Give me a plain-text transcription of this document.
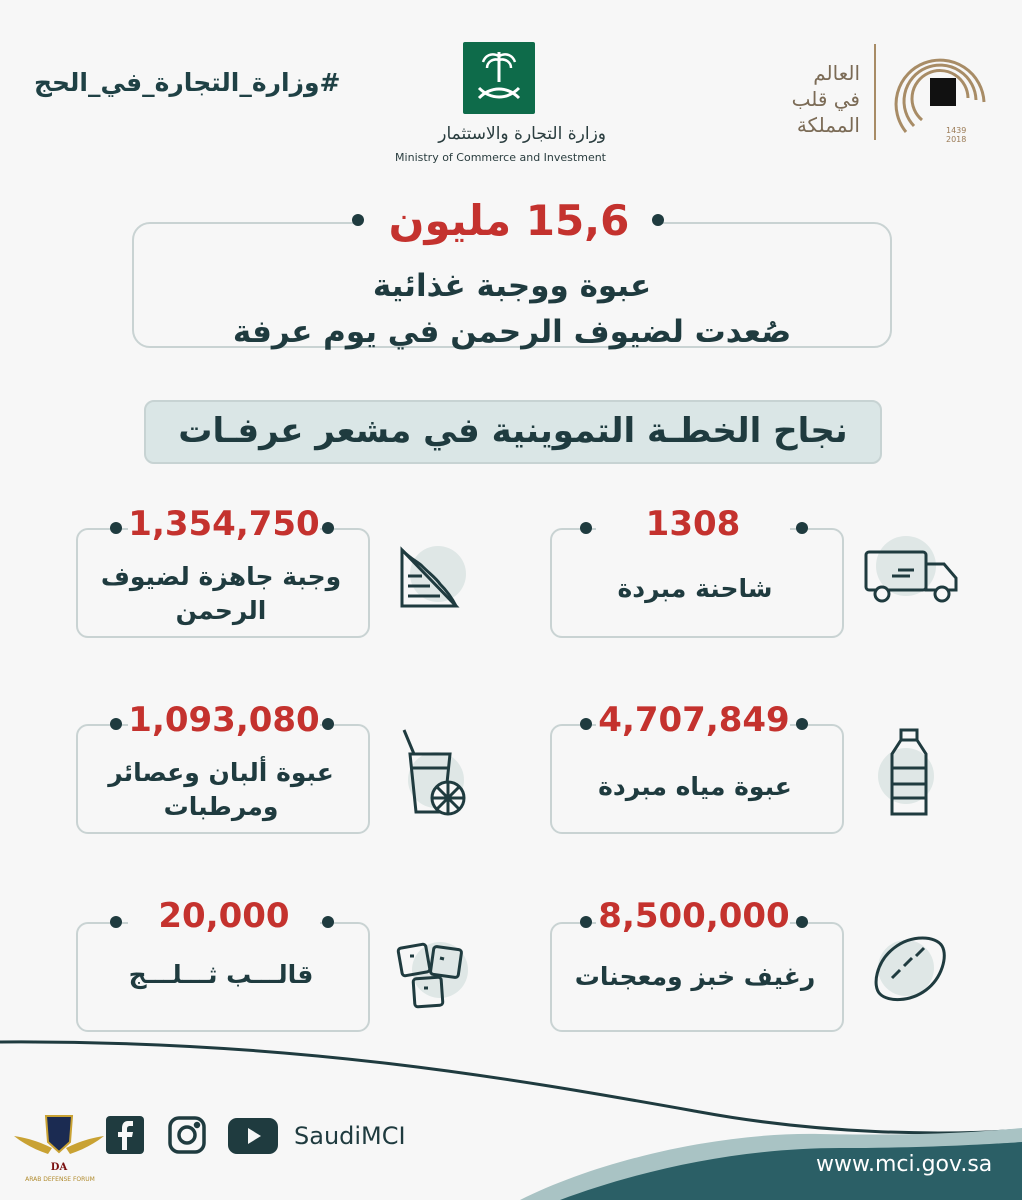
#وزارة_التجارة_في_الحج
وزارة التجارة والاستثمار
Ministry of Commerce and Investment
العالم
في قلب
المملكة	1439
2018
15,6 مليون
عبوة ووجبة غذائية
صُعدت لضيوف الرحمن في يوم عرفة
نجاح الخطـة التموينية في مشعر عرفـات
1308
شاحنة مبردة
1,354,750
وجبة جاهزة لضيوف
الرحمن
4,707,849
عبوة مياه مبردة
1,093,080
عبوة ألبان وعصائر
ومرطبات
8,500,000
رغيف خبز ومعجنات
20,000
قالـــب ثـــلـــج
SaudiMCI
www.mci.gov.sa
DA
ARAB DEFENSE FORUM
